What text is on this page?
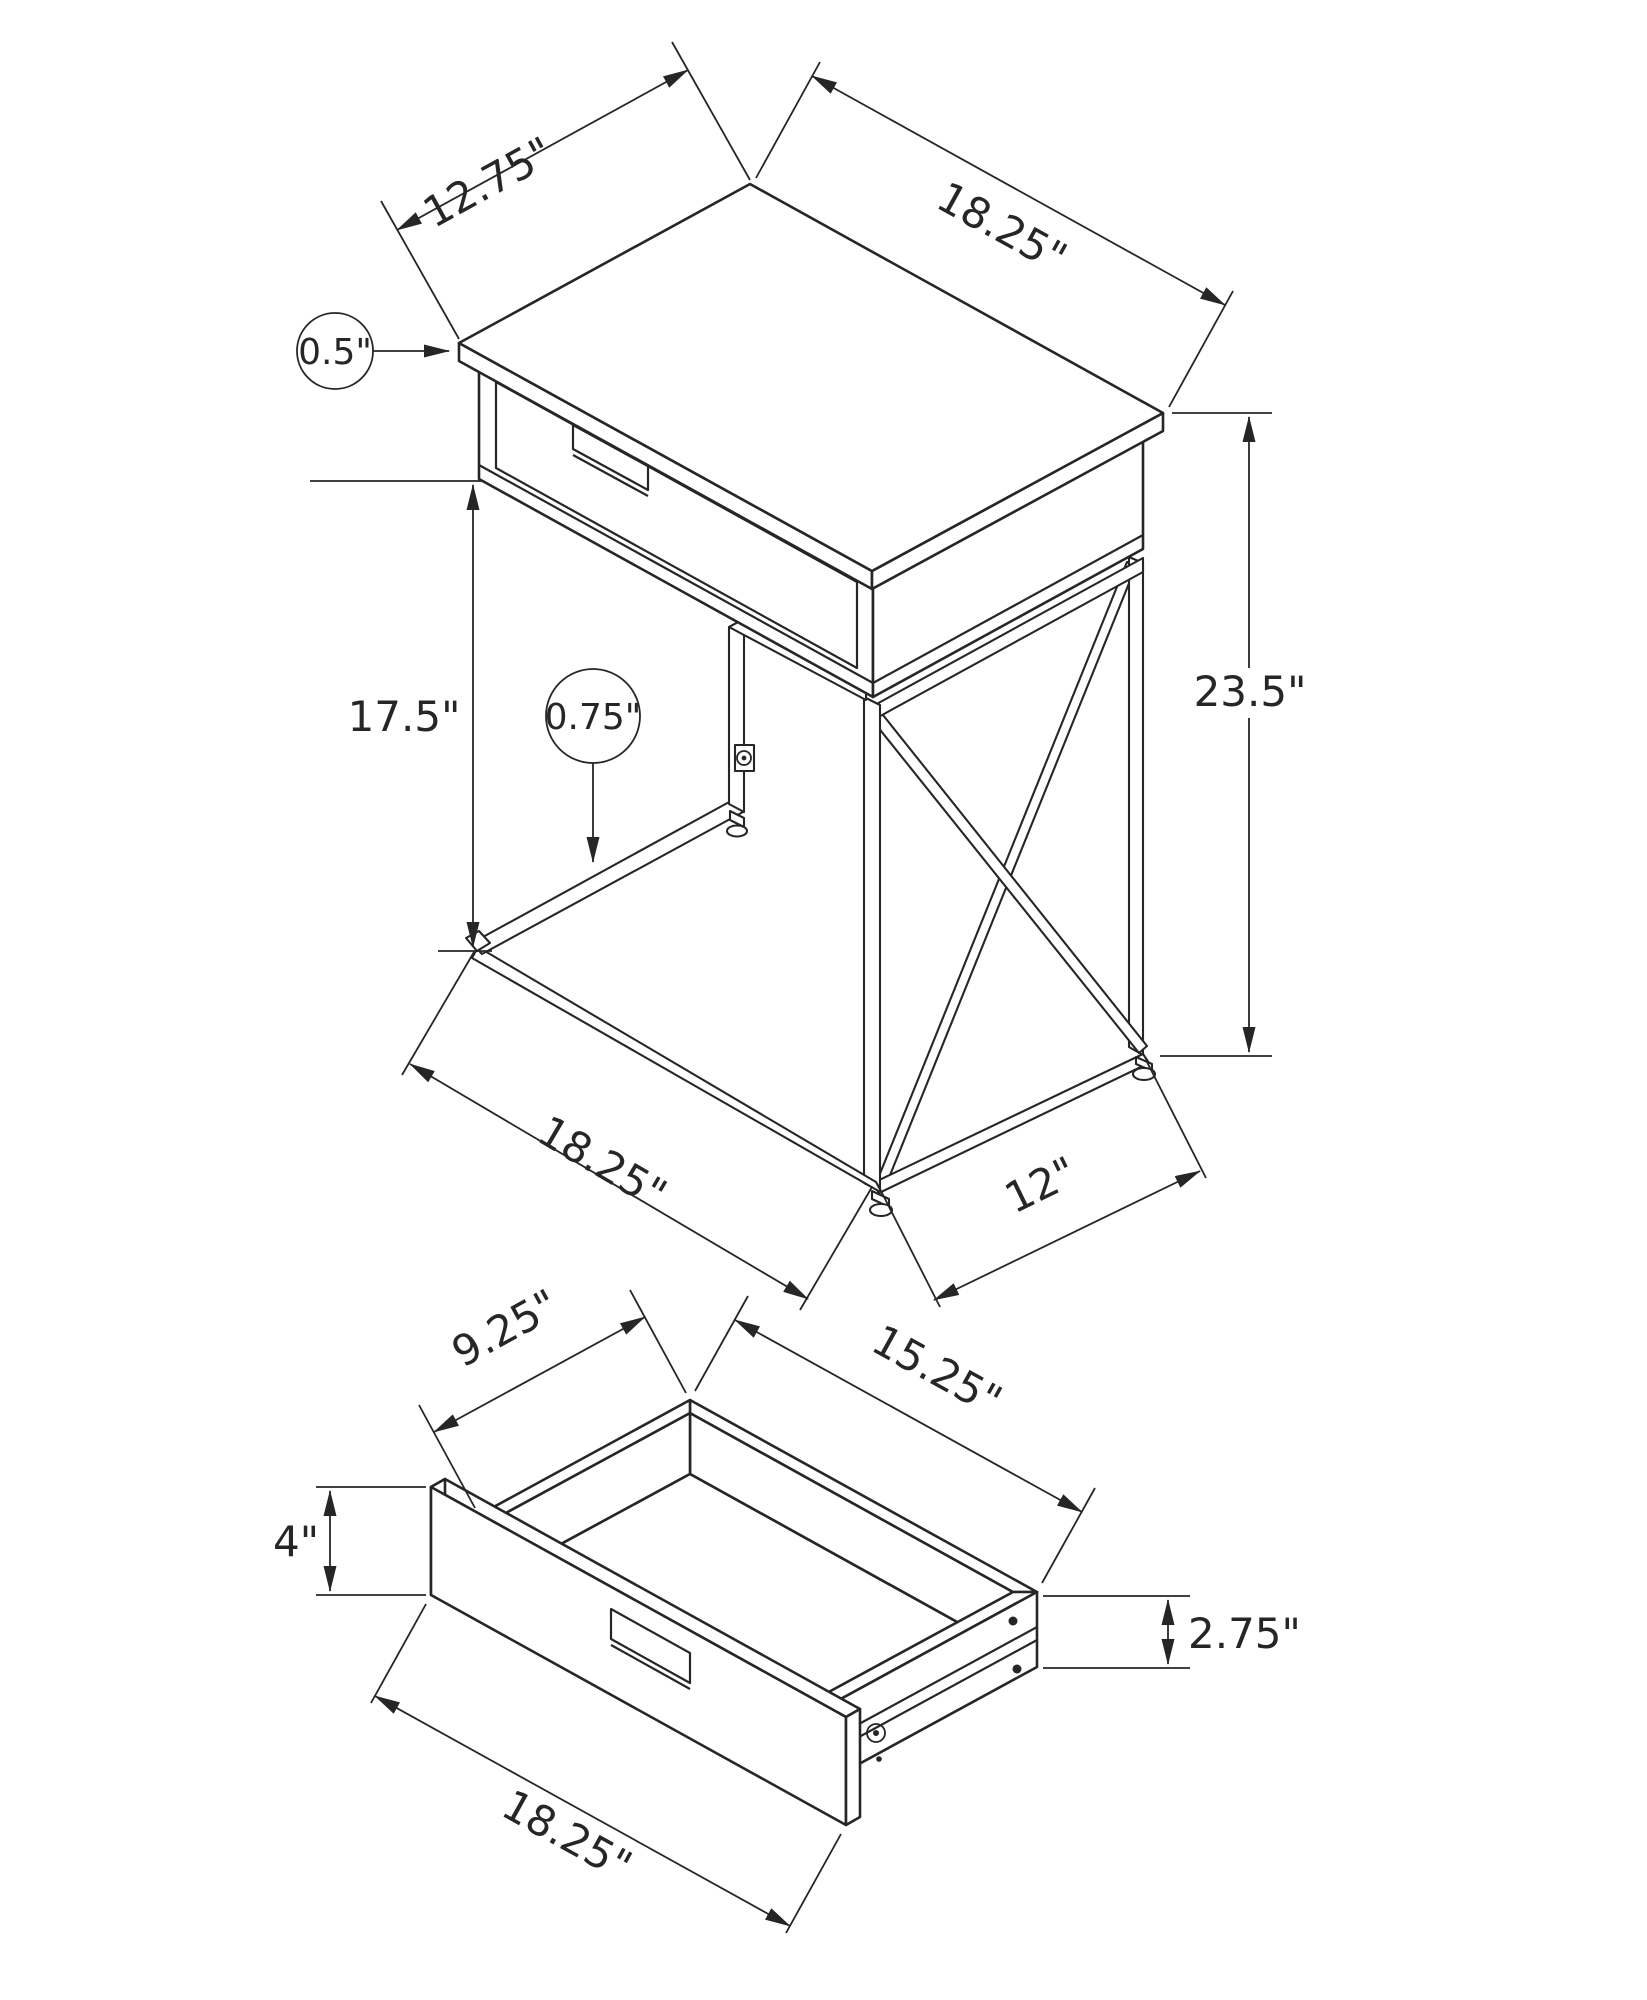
12.75"	18.25"
0.5"
17.5" 0.75"
23.5"
18.25"	12"
9.25"	15.25"
4"
2.75"
18.25"
